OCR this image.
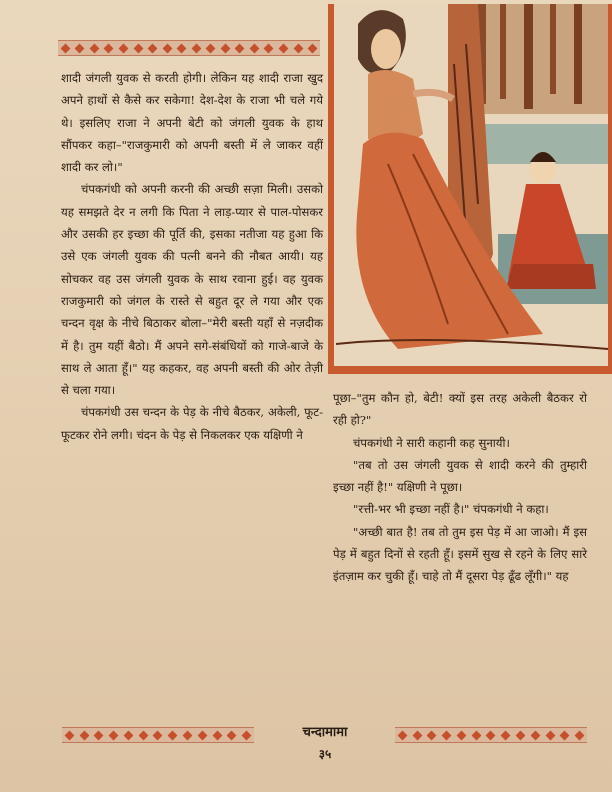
शादी जंगली युवक से करती होगी। लेकिन यह शादी राजा खुद अपने हाथों से कैसे कर सकेगा! देश-देश के राजा भी चले गये थे। इसलिए राजा ने अपनी बेटी को जंगली युवक के हाथ सौंपकर कहा–"राजकुमारी को अपनी बस्ती में ले जाकर वहीं शादी कर लो।"

चंपकगंधी को अपनी करनी की अच्छी सज़ा मिली। उसको यह समझते देर न लगी कि पिता ने लाड़-प्यार से पाल-पोसकर और उसकी हर इच्छा की पूर्ति की, इसका नतीजा यह हुआ कि उसे एक जंगली युवक की पत्नी बनने की नौबत आयी। यह सोचकर वह उस जंगली युवक के साथ रवाना हुई। वह युवक राजकुमारी को जंगल के रास्ते से बहुत दूर ले गया और एक चन्दन वृक्ष के नीचे बिठाकर बोला–"मेरी बस्ती यहाँ से नज़दीक में है। तुम यहीं बैठो। मैं अपने सगे-संबंधियों को गाजे-बाजे के साथ ले आता हूँ।" यह कहकर, वह अपनी बस्ती की ओर तेज़ी से चला गया।

चंपकगंधी उस चन्दन के पेड़ के नीचे बैठकर, अकेली, फूट-फूटकर रोने लगी। चंदन के पेड़ से निकलकर एक यक्षिणी ने

पूछा–"तुम कौन हो, बेटी! क्यों इस तरह अकेली बैठकर रो रही हो?"

चंपकगंधी ने सारी कहानी कह सुनायी।

"तब तो उस जंगली युवक से शादी करने की तुम्हारी इच्छा नहीं है!" यक्षिणी ने पूछा।

"रत्ती-भर भी इच्छा नहीं है।" चंपकगंधी ने कहा।

"अच्छी बात है! तब तो तुम इस पेड़ में आ जाओ। मैं इस पेड़ में बहुत दिनों से रहती हूँ। इसमें सुख से रहने के लिए सारे इंतज़ाम कर चुकी हूँ। चाहे तो मैं दूसरा पेड़ ढूँढ लूँगी।" यह

चन्दामामा
३५
